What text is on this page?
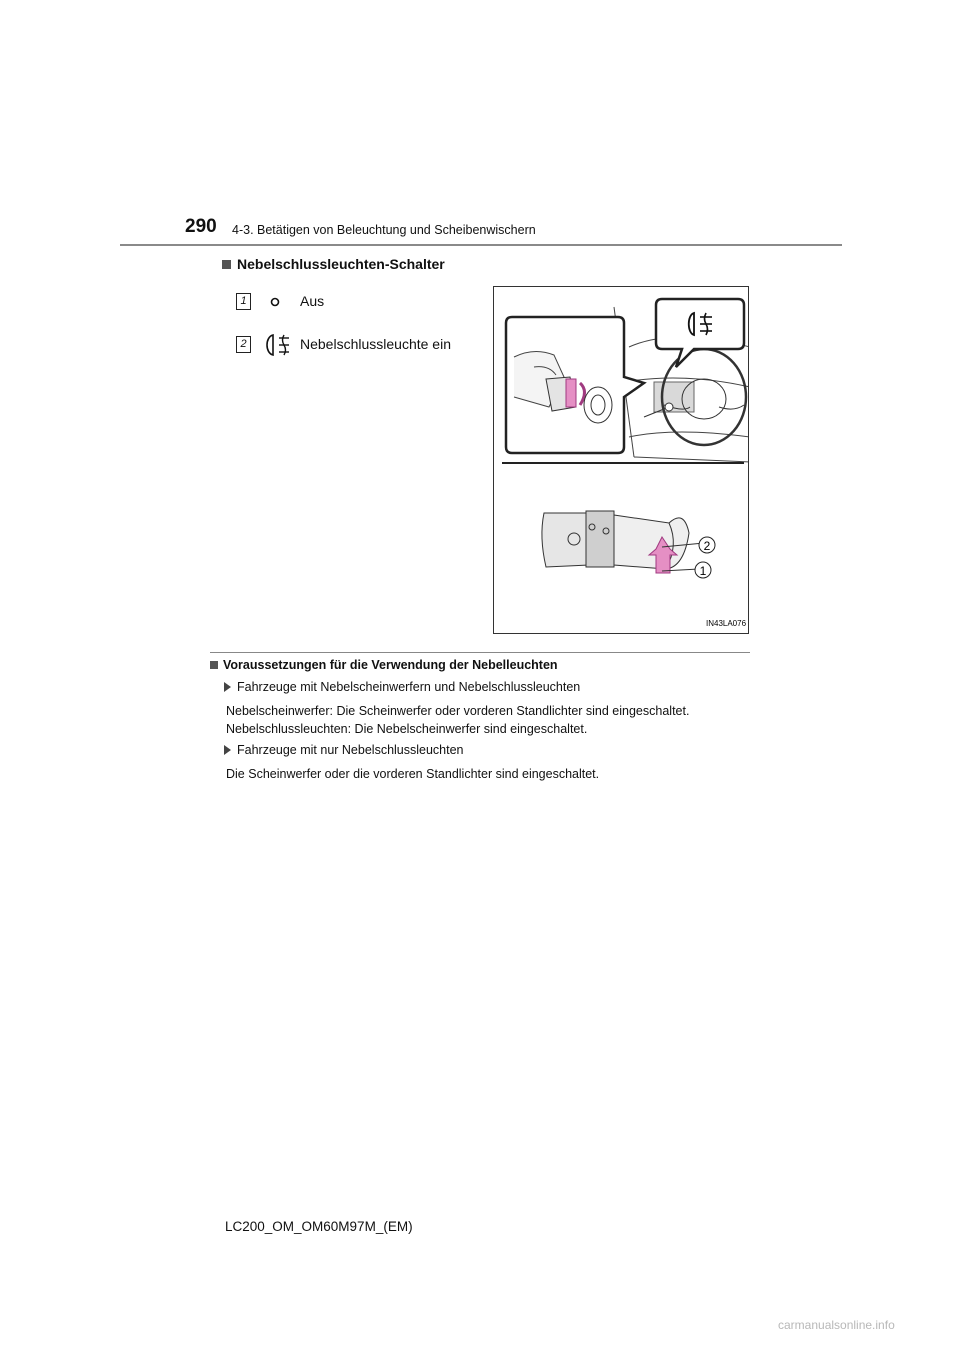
290 4-3. Betätigen von Beleuchtung und Scheibenwischern
Nebelschlussleuchten-Schalter
1	Aus
2	Nebelschlussleuchte ein
2
1
IN43LA076
Voraussetzungen für die Verwendung der Nebelleuchten
Fahrzeuge mit Nebelscheinwerfern und Nebelschlussleuchten
Nebelscheinwerfer: Die Scheinwerfer oder vorderen Standlichter sind eingeschaltet.
Nebelschlussleuchten: Die Nebelscheinwerfer sind eingeschaltet.
Fahrzeuge mit nur Nebelschlussleuchten
Die Scheinwerfer oder die vorderen Standlichter sind eingeschaltet.
LC200_OM_OM60M97M_(EM)
carmanualsonline.info
